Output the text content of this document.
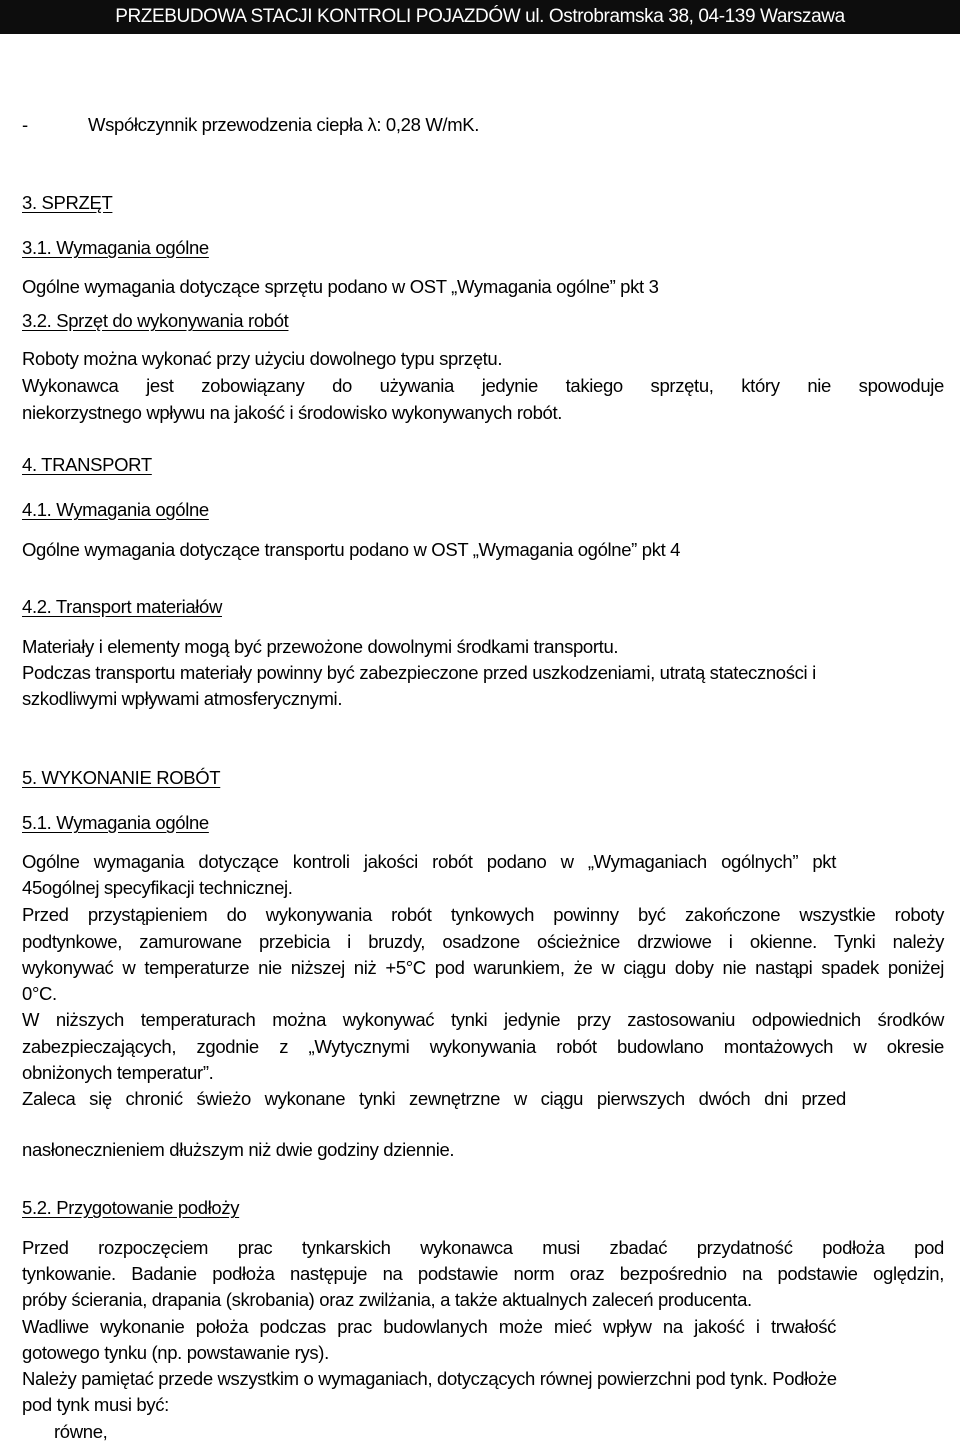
PRZEBUDOWA STACJI KONTROLI POJAZDÓW ul. Ostrobramska 38, 04-139 Warszawa
-	Współczynnik przewodzenia ciepła λ: 0,28 W/mK.
3. SPRZĘT
3.1. Wymagania ogólne
Ogólne wymagania dotyczące sprzętu podano w OST „Wymagania ogólne” pkt 3
3.2. Sprzęt do wykonywania robót
Roboty można wykonać przy użyciu dowolnego typu sprzętu.
Wykonawca jest zobowiązany do używania jedynie takiego sprzętu, który nie spowoduje
niekorzystnego wpływu na jakość i środowisko wykonywanych robót.
4. TRANSPORT
4.1. Wymagania ogólne
Ogólne wymagania dotyczące transportu podano w OST „Wymagania ogólne” pkt 4
4.2. Transport materiałów
Materiały i elementy mogą być przewożone dowolnymi środkami transportu.
Podczas transportu materiały powinny być zabezpieczone przed uszkodzeniami, utratą stateczności i
szkodliwymi wpływami atmosferycznymi.
5. WYKONANIE ROBÓT
5.1. Wymagania ogólne
Ogólne wymagania dotyczące kontroli jakości robót podano w „Wymaganiach ogólnych” pkt
45ogólnej specyfikacji technicznej.
Przed przystąpieniem do wykonywania robót tynkowych powinny być zakończone wszystkie roboty
podtynkowe, zamurowane przebicia i bruzdy, osadzone ościeżnice drzwiowe i okienne. Tynki należy
wykonywać w temperaturze nie niższej niż +5°C pod warunkiem, że w ciągu doby nie nastąpi spadek poniżej
0°C.
W niższych temperaturach można wykonywać tynki jedynie przy zastosowaniu odpowiednich środków
zabezpieczających, zgodnie z „Wytycznymi wykonywania robót budowlano montażowych w okresie
obniżonych temperatur”.
Zaleca się chronić świeżo wykonane tynki zewnętrzne w ciągu pierwszych dwóch dni przed
nasłonecznieniem dłuższym niż dwie godziny dziennie.
5.2. Przygotowanie podłoży
Przed rozpoczęciem prac tynkarskich wykonawca musi zbadać przydatność podłoża pod
tynkowanie. Badanie podłoża następuje na podstawie norm oraz bezpośrednio na podstawie oględzin,
próby ścierania, drapania (skrobania) oraz zwilżania, a także aktualnych zaleceń producenta.
Wadliwe wykonanie położa podczas prac budowlanych może mieć wpływ na jakość i trwałość
gotowego tynku (np. powstawanie rys).
Należy pamiętać przede wszystkim o wymaganiach, dotyczących równej powierzchni pod tynk. Podłoże
pod tynk musi być:
równe,
